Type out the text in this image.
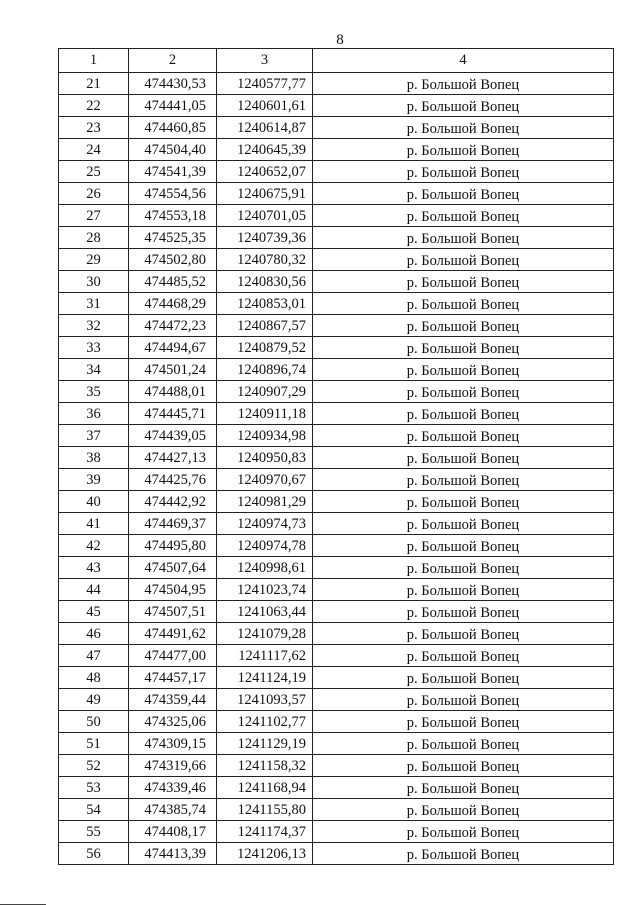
8
1	2	3	4
21	474430,53	1240577,77	р. Большой Вопец
22	474441,05	1240601,61	р. Большой Вопец
23	474460,85	1240614,87	р. Большой Вопец
24	474504,40	1240645,39	р. Большой Вопец
25	474541,39	1240652,07	р. Большой Вопец
26	474554,56	1240675,91	р. Большой Вопец
27	474553,18	1240701,05	р. Большой Вопец
28	474525,35	1240739,36	р. Большой Вопец
29	474502,80	1240780,32	р. Большой Вопец
30	474485,52	1240830,56	р. Большой Вопец
31	474468,29	1240853,01	р. Большой Вопец
32	474472,23	1240867,57	р. Большой Вопец
33	474494,67	1240879,52	р. Большой Вопец
34	474501,24	1240896,74	р. Большой Вопец
35	474488,01	1240907,29	р. Большой Вопец
36	474445,71	1240911,18	р. Большой Вопец
37	474439,05	1240934,98	р. Большой Вопец
38	474427,13	1240950,83	р. Большой Вопец
39	474425,76	1240970,67	р. Большой Вопец
40	474442,92	1240981,29	р. Большой Вопец
41	474469,37	1240974,73	р. Большой Вопец
42	474495,80	1240974,78	р. Большой Вопец
43	474507,64	1240998,61	р. Большой Вопец
44	474504,95	1241023,74	р. Большой Вопец
45	474507,51	1241063,44	р. Большой Вопец
46	474491,62	1241079,28	р. Большой Вопец
47	474477,00	1241117,62	р. Большой Вопец
48	474457,17	1241124,19	р. Большой Вопец
49	474359,44	1241093,57	р. Большой Вопец
50	474325,06	1241102,77	р. Большой Вопец
51	474309,15	1241129,19	р. Большой Вопец
52	474319,66	1241158,32	р. Большой Вопец
53	474339,46	1241168,94	р. Большой Вопец
54	474385,74	1241155,80	р. Большой Вопец
55	474408,17	1241174,37	р. Большой Вопец
56	474413,39	1241206,13	р. Большой Вопец
